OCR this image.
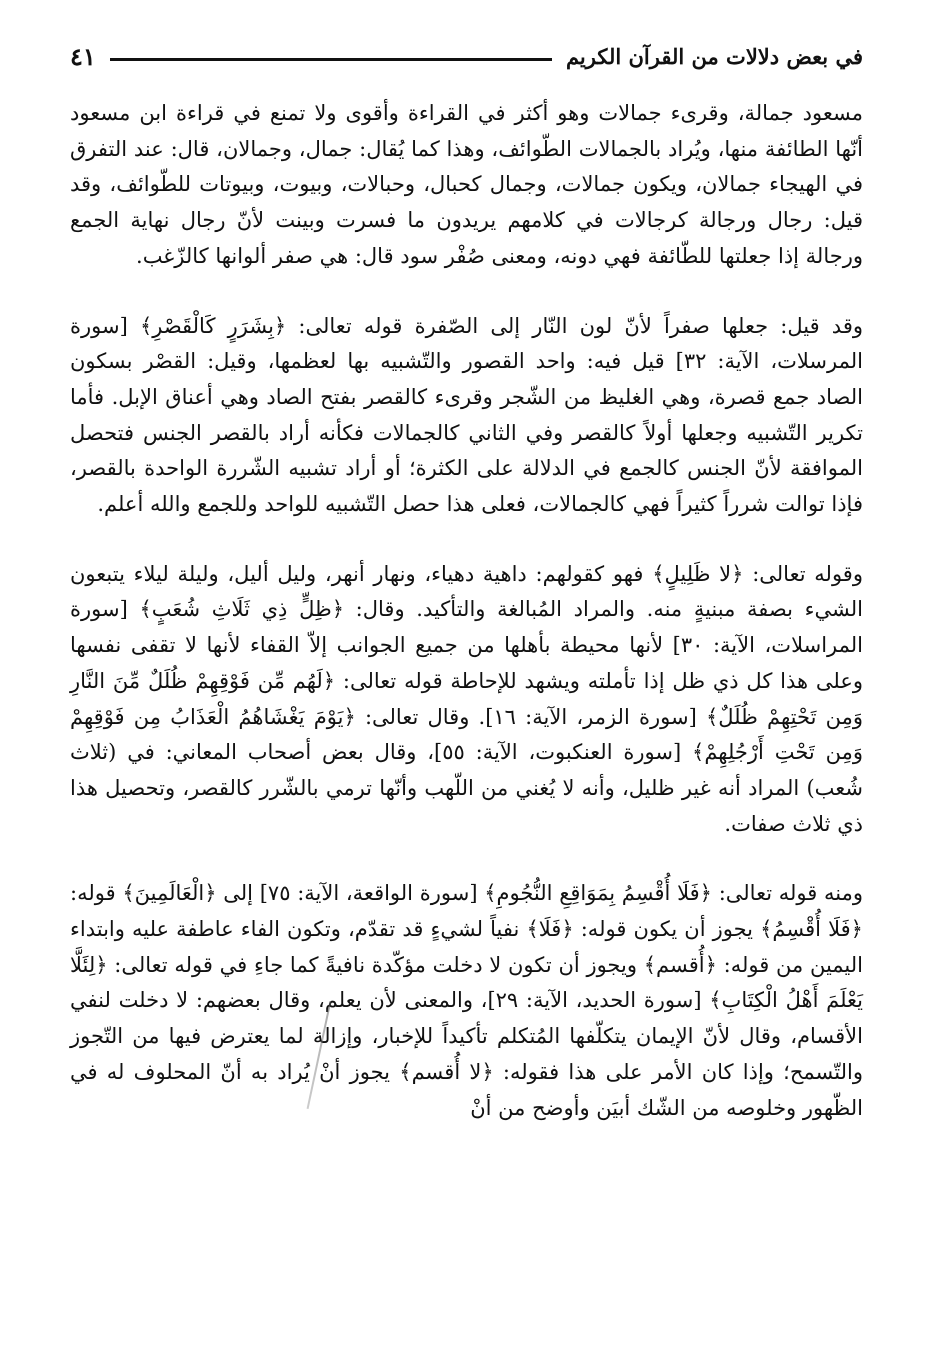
في بعض دلالات من القرآن الكريم
٤١

مسعود جمالة، وقرىء جمالات وهو أكثر في القراءة وأقوى ولا تمنع في قراءة ابن مسعود أنّها الطائفة منها، ويُراد بالجمالات الطّوائف، وهذا كما يُقال: جمال، وجمالان، قال: عند التفرق في الهيجاء جمالان، ويكون جمالات، وجمال كحبال، وحبالات، وبيوت، وبيوتات للطّوائف، وقد قيل: رجال ورجالة كرجالات في كلامهم يريدون ما فسرت وبينت لأنّ رجال نهاية الجمع ورجالة إذا جعلتها للطّائفة فهي دونه، ومعنى صُفْر سود قال: هي صفر ألوانها كالزّغب.

وقد قيل: جعلها صفراً لأنّ لون النّار إلى الصّفرة قوله تعالى: ﴿بِشَرَرٍ كَالْقَصْرِ﴾ [سورة المرسلات، الآية: ٣٢] قيل فيه: واحد القصور والتّشبيه بها لعظمها، وقيل: القصْر بسكون الصاد جمع قصرة، وهي الغليظ من الشّجر وقرىء كالقصر بفتح الصاد وهي أعناق الإبل. فأما تكرير التّشبيه وجعلها أولاً كالقصر وفي الثاني كالجمالات فكأنه أراد بالقصر الجنس فتحصل الموافقة لأنّ الجنس كالجمع في الدلالة على الكثرة؛ أو أراد تشبيه الشّررة الواحدة بالقصر، فإذا توالت شرراً كثيراً فهي كالجمالات، فعلى هذا حصل التّشبيه للواحد وللجمع والله أعلم.

وقوله تعالى: ﴿لا ظَلِيلٍ﴾ فهو كقولهم: داهية دهياء، ونهار أنهر، وليل أليل، وليلة ليلاء يتبعون الشيء بصفة مبنيةٍ منه. والمراد المُبالغة والتأكيد. وقال: ﴿ظِلٍّ ذِي ثَلَاثِ شُعَبٍ﴾ [سورة المراسلات، الآية: ٣٠] لأنها محيطة بأهلها من جميع الجوانب إلاّ القفاء لأنها لا تقفى نفسها وعلى هذا كل ذي ظل إذا تأملته ويشهد للإحاطة قوله تعالى: ﴿لَهُم مِّن فَوْقِهِمْ ظُلَلٌ مِّنَ النَّارِ وَمِن تَحْتِهِمْ ظُلَلٌ﴾ [سورة الزمر، الآية: ١٦]. وقال تعالى: ﴿يَوْمَ يَغْشَاهُمُ الْعَذَابُ مِن فَوْقِهِمْ وَمِن تَحْتِ أَرْجُلِهِمْ﴾ [سورة العنكبوت، الآية: ٥٥]، وقال بعض أصحاب المعاني: في (ثلاث شُعب) المراد أنه غير ظليل، وأنه لا يُغني من اللّهب وأنّها ترمي بالشّرر كالقصر، وتحصيل هذا ذي ثلاث صفات.

ومنه قوله تعالى: ﴿فَلَا أُقْسِمُ بِمَوَاقِعِ النُّجُومِ﴾ [سورة الواقعة، الآية: ٧٥] إلى ﴿الْعَالَمِينَ﴾ قوله: ﴿فَلَا أُقْسِمُ﴾ يجوز أن يكون قوله: ﴿فَلَا﴾ نفياً لشيءٍ قد تقدّم، وتكون الفاء عاطفة عليه وابتداء اليمين من قوله: ﴿أُقسم﴾ ويجوز أن تكون لا دخلت مؤكّدة نافيةً كما جاءِ في قوله تعالى: ﴿لِئَلَّا يَعْلَمَ أَهْلُ الْكِتَابِ﴾ [سورة الحديد، الآية: ٢٩]، والمعنى لأن يعلم، وقال بعضهم: لا دخلت لنفي الأقسام، وقال لأنّ الإيمان يتكلّفها المُتكلم تأكيداً للإخبار، وإزالة لما يعترض فيها من التّجوز والتّسمح؛ وإذا كان الأمر على هذا فقوله: ﴿لا أُقسم﴾ يجوز أنْ يُراد به أنّ المحلوف له في الظّهور وخلوصه من الشّك أبيَن وأوضح من أنْ
